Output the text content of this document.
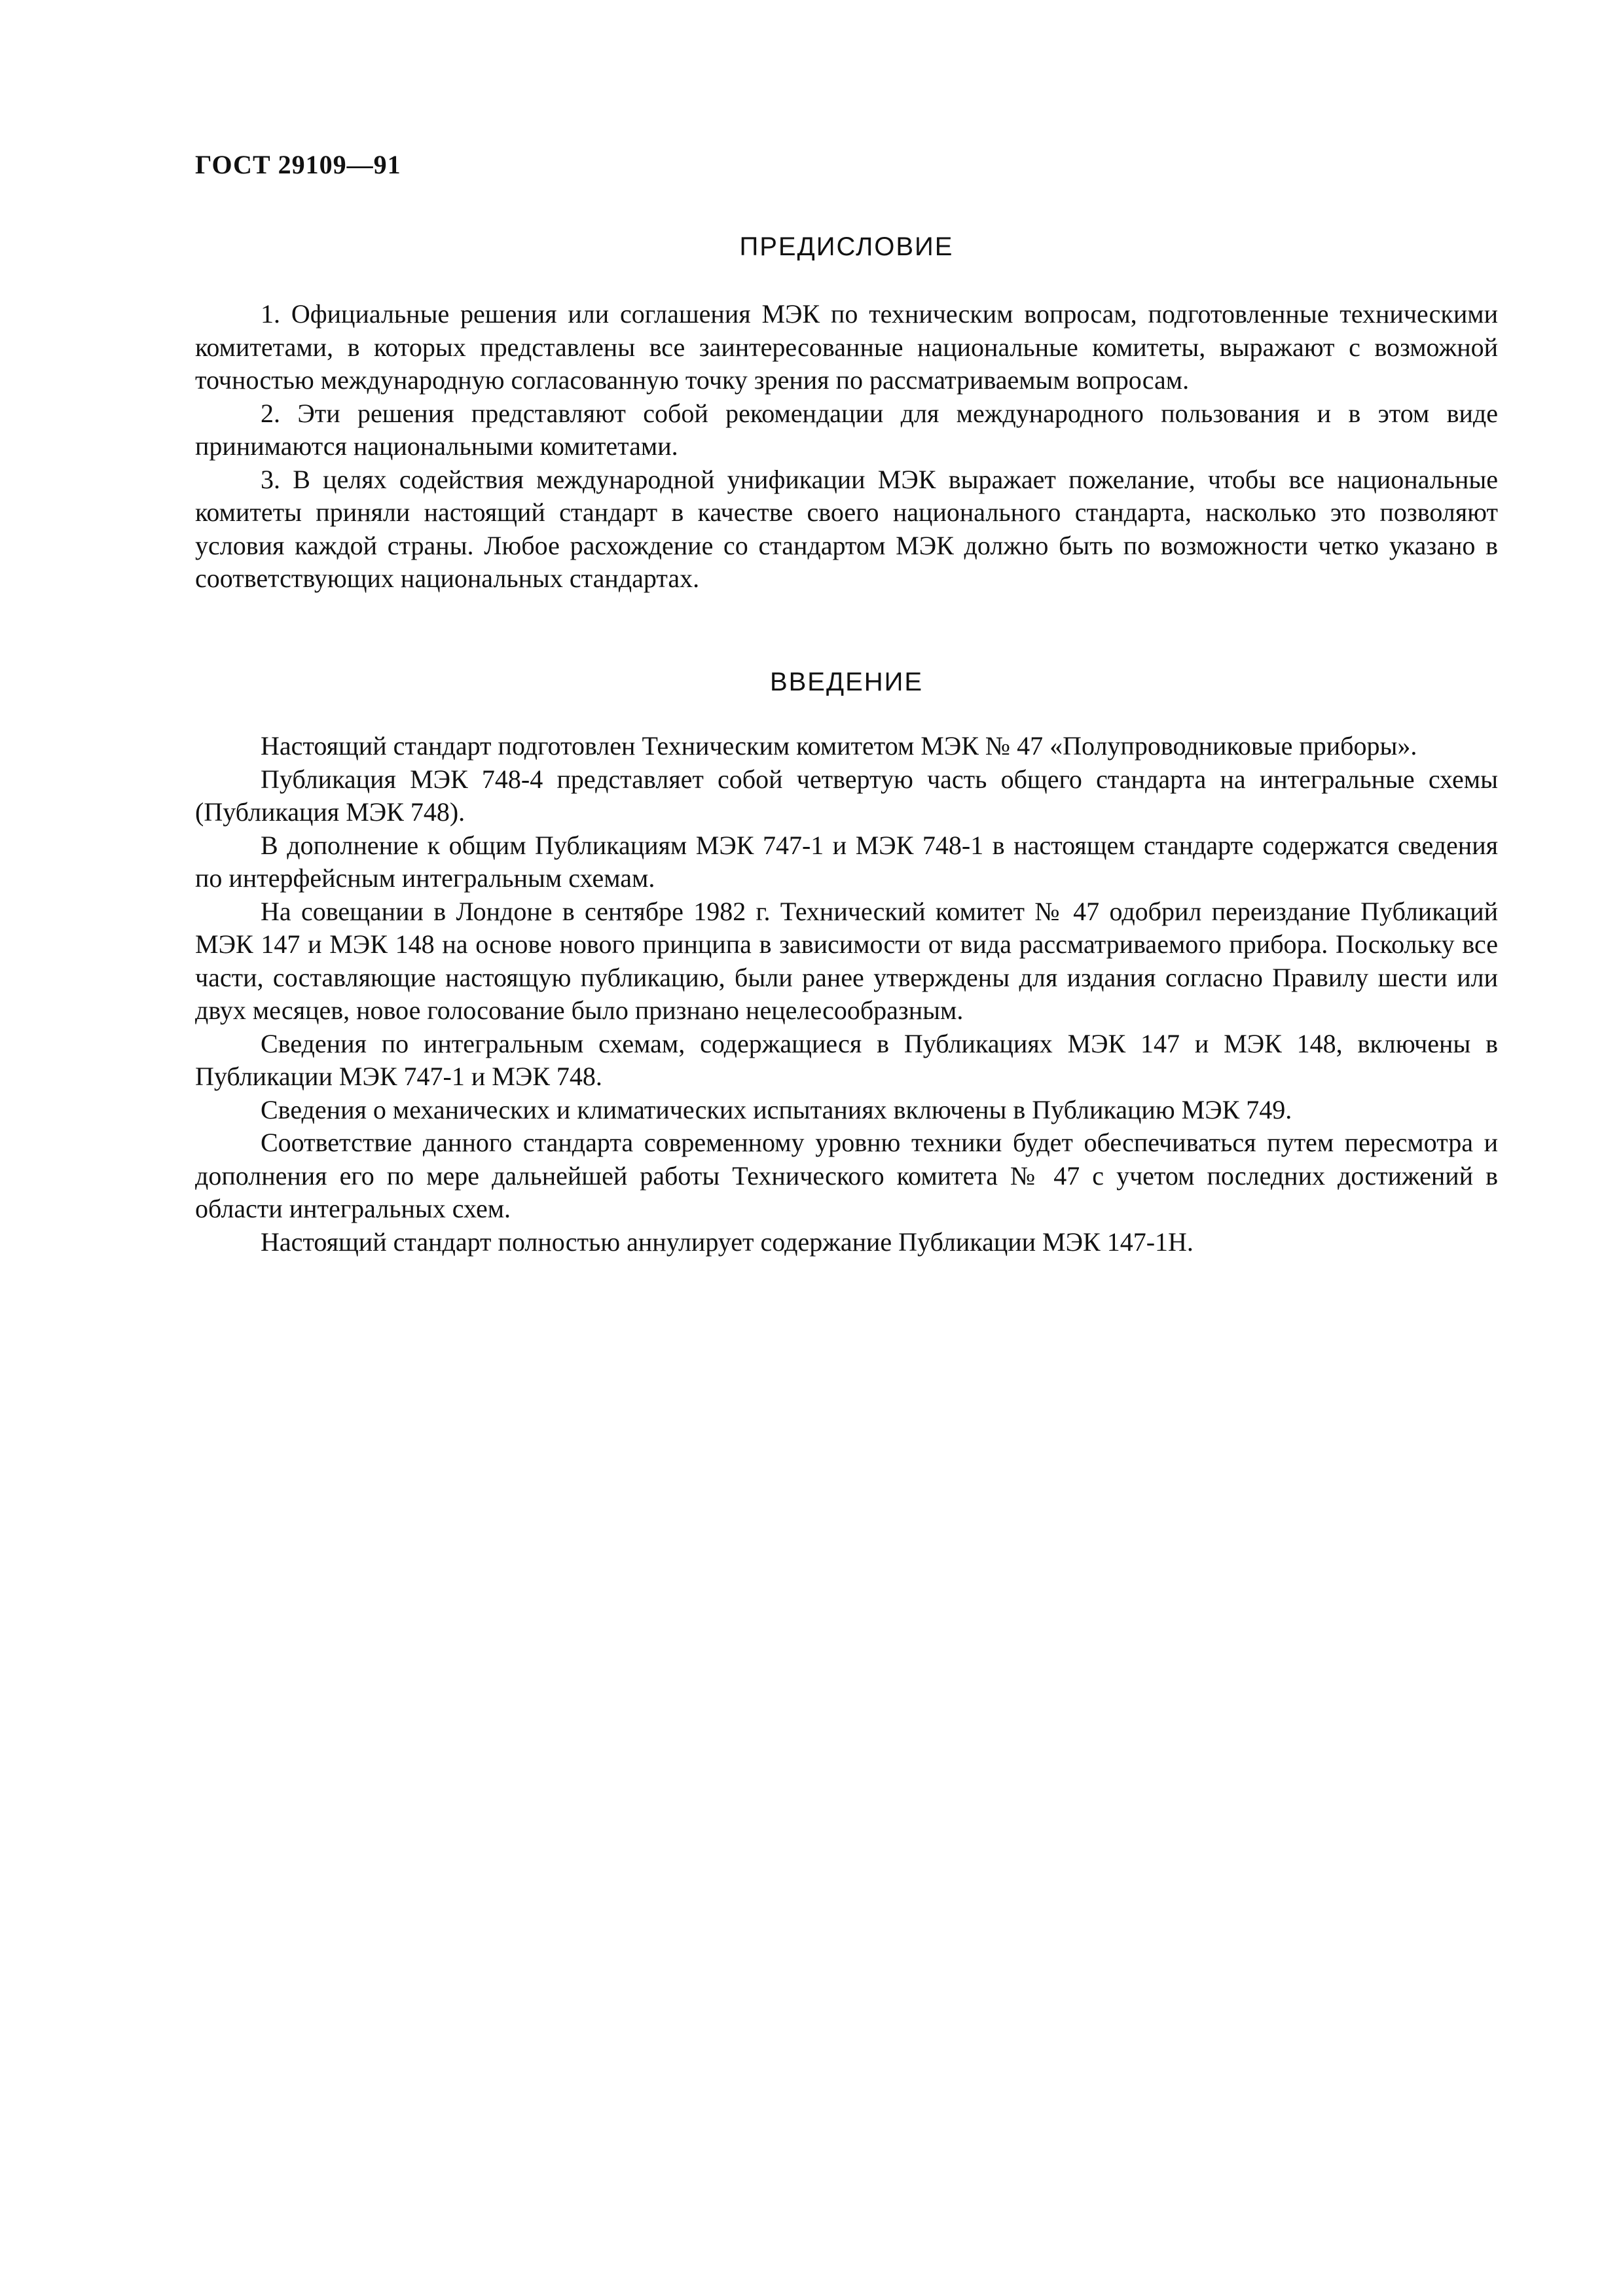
ГОСТ 29109—91
ПРЕДИСЛОВИЕ

1. Официальные решения или соглашения МЭК по техническим вопросам, подготовленные техническими комитетами, в которых представлены все заинтересованные национальные комитеты, выражают с возможной точностью международную согласованную точку зрения по рассматриваемым вопросам.

2. Эти решения представляют собой рекомендации для международного пользования и в этом виде принимаются национальными комитетами.

3. В целях содействия международной унификации МЭК выражает пожелание, чтобы все национальные комитеты приняли настоящий стандарт в качестве своего национального стандарта, насколько это позволяют условия каждой страны. Любое расхождение со стандартом МЭК должно быть по возможности четко указано в соответствующих национальных стандартах.

ВВЕДЕНИЕ

Настоящий стандарт подготовлен Техническим комитетом МЭК № 47 «Полупроводниковые приборы».

Публикация МЭК 748-4 представляет собой четвертую часть общего стандарта на интегральные схемы (Публикация МЭК 748).

В дополнение к общим Публикациям МЭК 747-1 и МЭК 748-1 в настоящем стандарте содержатся сведения по интерфейсным интегральным схемам.

На совещании в Лондоне в сентябре 1982 г. Технический комитет № 47 одобрил переиздание Публикаций МЭК 147 и МЭК 148 на основе нового принципа в зависимости от вида рассматриваемого прибора. Поскольку все части, составляющие настоящую публикацию, были ранее утверждены для издания согласно Правилу шести или двух месяцев, новое голосование было признано нецелесообразным.

Сведения по интегральным схемам, содержащиеся в Публикациях МЭК 147 и МЭК 148, включены в Публикации МЭК 747-1 и МЭК 748.

Сведения о механических и климатических испытаниях включены в Публикацию МЭК 749.

Соответствие данного стандарта современному уровню техники будет обеспечиваться путем пересмотра и дополнения его по мере дальнейшей работы Технического комитета № 47 с учетом последних достижений в области интегральных схем.

Настоящий стандарт полностью аннулирует содержание Публикации МЭК 147-1Н.
